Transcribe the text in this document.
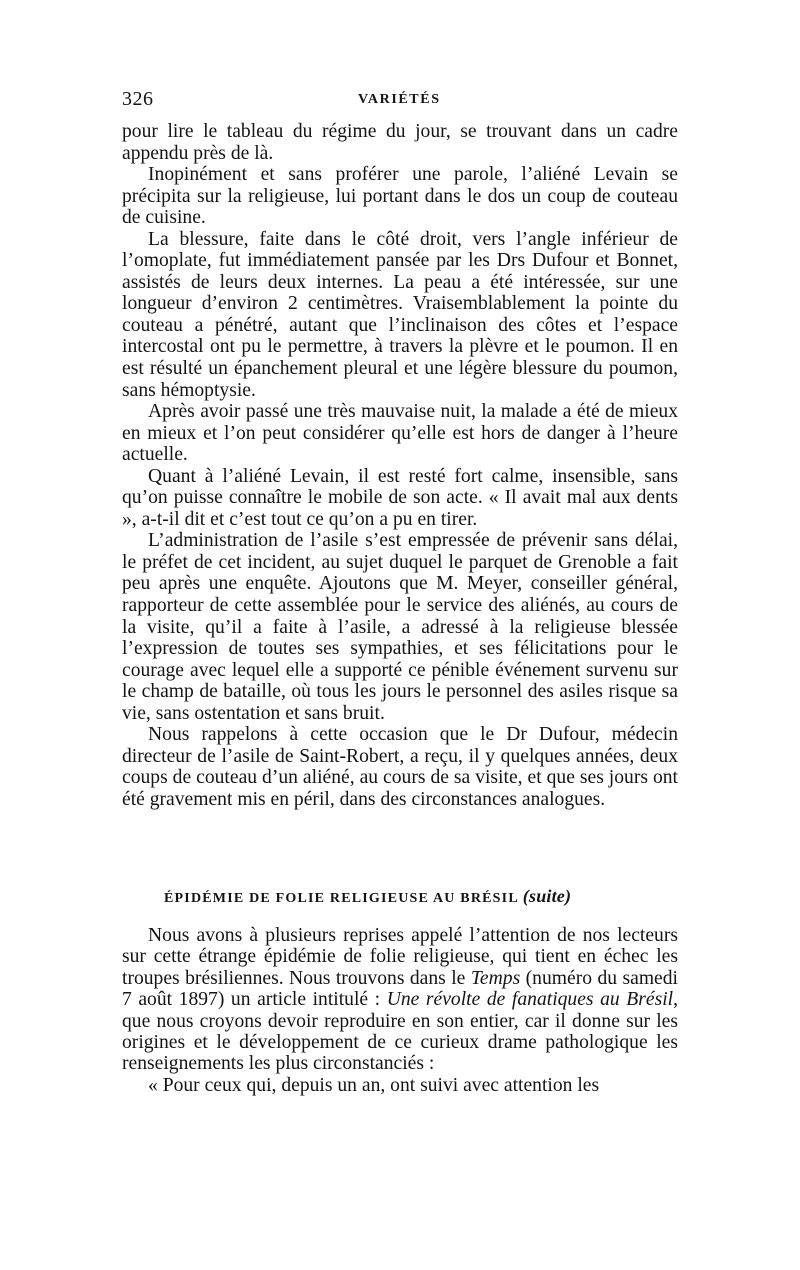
326	VARIÉTÉS

pour lire le tableau du régime du jour, se trouvant dans un cadre appendu près de là.

Inopinément et sans proférer une parole, l’aliéné Levain se précipita sur la religieuse, lui portant dans le dos un coup de couteau de cuisine.

La blessure, faite dans le côté droit, vers l’angle inférieur de l’omoplate, fut immédiatement pansée par les Drs Dufour et Bonnet, assistés de leurs deux internes. La peau a été intéressée, sur une longueur d’environ 2 centimètres. Vraisemblablement la pointe du couteau a pénétré, autant que l’inclinaison des côtes et l’espace intercostal ont pu le permettre, à travers la plèvre et le poumon. Il en est résulté un épanchement pleural et une légère blessure du poumon, sans hémoptysie.

Après avoir passé une très mauvaise nuit, la malade a été de mieux en mieux et l’on peut considérer qu’elle est hors de danger à l’heure actuelle.

Quant à l’aliéné Levain, il est resté fort calme, insensible, sans qu’on puisse connaître le mobile de son acte. « Il avait mal aux dents », a-t-il dit et c’est tout ce qu’on a pu en tirer.

L’administration de l’asile s’est empressée de prévenir sans délai, le préfet de cet incident, au sujet duquel le parquet de Grenoble a fait peu après une enquête. Ajoutons que M. Meyer, conseiller général, rapporteur de cette assemblée pour le service des aliénés, au cours de la visite, qu’il a faite à l’asile, a adressé à la religieuse blessée l’expression de toutes ses sympathies, et ses félicitations pour le courage avec lequel elle a supporté ce pénible événement survenu sur le champ de bataille, où tous les jours le personnel des asiles risque sa vie, sans ostentation et sans bruit.

Nous rappelons à cette occasion que le Dr Dufour, médecin directeur de l’asile de Saint-Robert, a reçu, il y quelques années, deux coups de couteau d’un aliéné, au cours de sa visite, et que ses jours ont été gravement mis en péril, dans des circonstances analogues.

ÉPIDÉMIE DE FOLIE RELIGIEUSE AU BRÉSIL (suite)

Nous avons à plusieurs reprises appelé l’attention de nos lecteurs sur cette étrange épidémie de folie religieuse, qui tient en échec les troupes brésiliennes. Nous trouvons dans le Temps (numéro du samedi 7 août 1897) un article intitulé : Une révolte de fanatiques au Brésil, que nous croyons devoir reproduire en son entier, car il donne sur les origines et le développement de ce curieux drame pathologique les renseignements les plus circonstanciés :

« Pour ceux qui, depuis un an, ont suivi avec attention les
